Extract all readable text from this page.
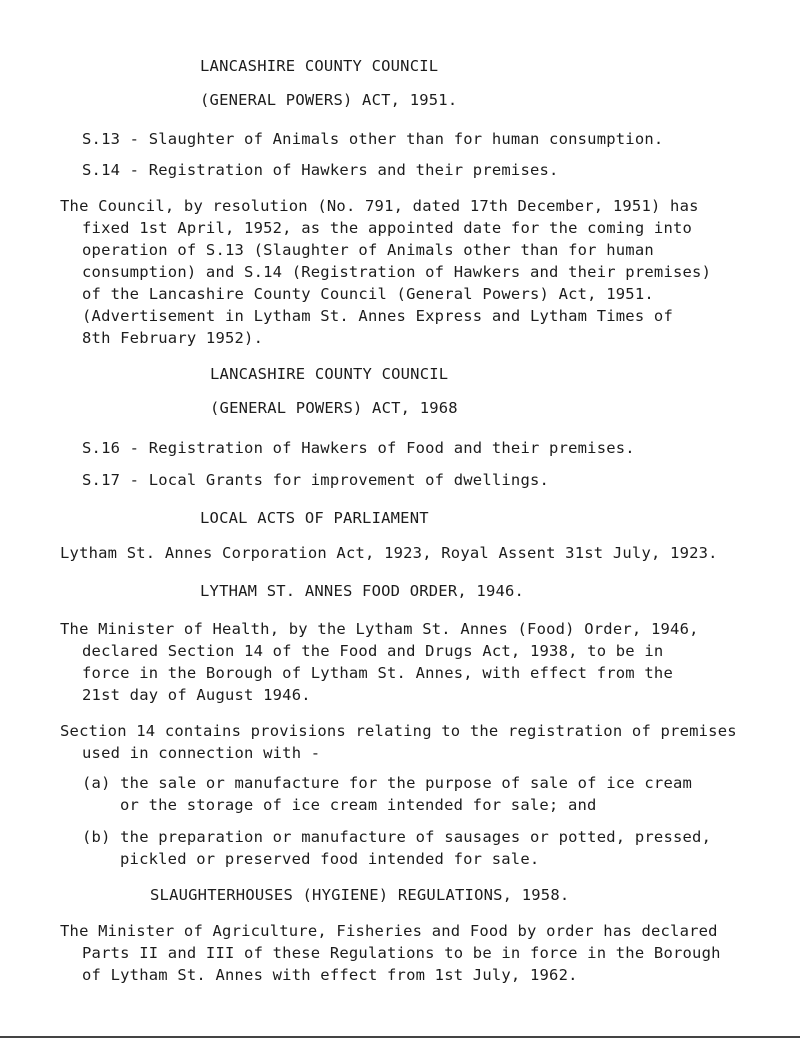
LANCASHIRE COUNTY COUNCIL
(GENERAL POWERS) ACT, 1951.
S.13 - Slaughter of Animals other than for human consumption.
S.14 - Registration of Hawkers and their premises.
The Council, by resolution (No. 791, dated 17th December, 1951) has
fixed 1st April, 1952, as the appointed date for the coming into
operation of S.13 (Slaughter of Animals other than for human
consumption) and S.14 (Registration of Hawkers and their premises)
of the Lancashire County Council (General Powers) Act, 1951.
(Advertisement in Lytham St. Annes Express and Lytham Times of
8th February 1952).
LANCASHIRE COUNTY COUNCIL
(GENERAL POWERS) ACT, 1968
S.16 - Registration of Hawkers of Food and their premises.
S.17 - Local Grants for improvement of dwellings.
LOCAL ACTS OF PARLIAMENT
Lytham St. Annes Corporation Act, 1923, Royal Assent 31st July, 1923.
LYTHAM ST. ANNES FOOD ORDER, 1946.
The Minister of Health, by the Lytham St. Annes (Food) Order, 1946,
declared Section 14 of the Food and Drugs Act, 1938, to be in
force in the Borough of Lytham St. Annes, with effect from the
21st day of August 1946.
Section 14 contains provisions relating to the registration of premises
used in connection with -
(a) the sale or manufacture for the purpose of sale of ice cream
or the storage of ice cream intended for sale; and
(b) the preparation or manufacture of sausages or potted, pressed,
pickled or preserved food intended for sale.
SLAUGHTERHOUSES (HYGIENE) REGULATIONS, 1958.
The Minister of Agriculture, Fisheries and Food by order has declared
Parts II and III of these Regulations to be in force in the Borough
of Lytham St. Annes with effect from 1st July, 1962.
